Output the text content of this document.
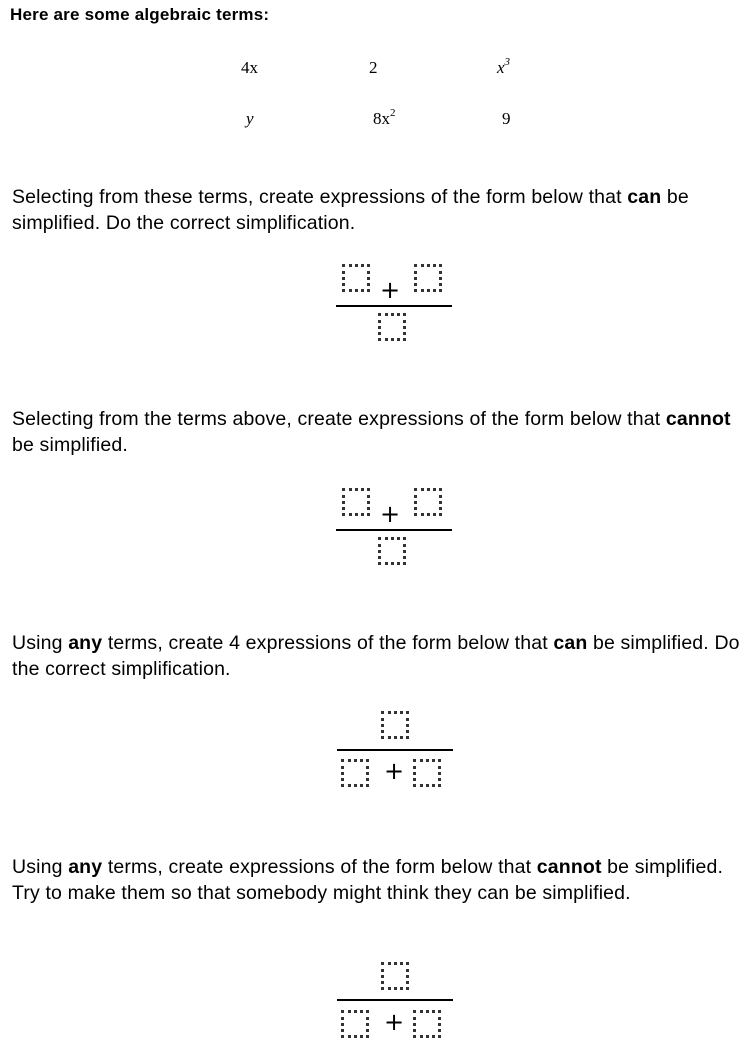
Here are some algebraic terms:
4x	2	$x^3$
y	$8x^2$	9
Selecting from these terms, create expressions of the form below that can be simplified. Do the correct simplification.
+
Selecting from the terms above, create expressions of the form below that cannot be simplified.
+
Using any terms, create 4 expressions of the form below that can be simplified. Do the correct simplification.
+
Using any terms, create expressions of the form below that cannot be simplified. Try to make them so that somebody might think they can be simplified.
+
